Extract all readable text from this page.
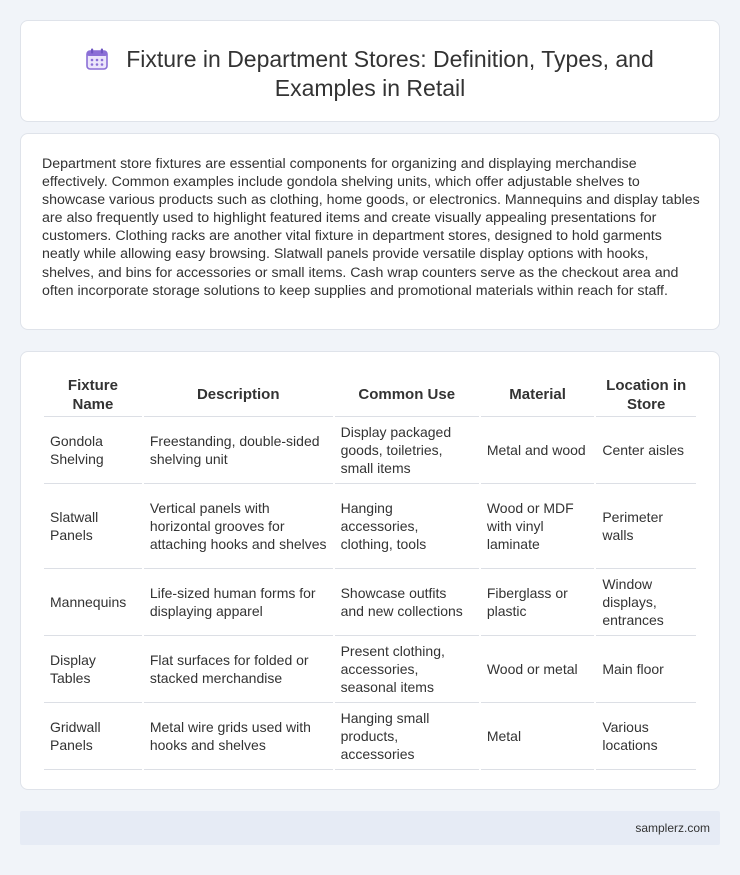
Fixture in Department Stores: Definition, Types, and Examples in Retail

Department store fixtures are essential components for organizing and displaying merchandise effectively. Common examples include gondola shelving units, which offer adjustable shelves to showcase various products such as clothing, home goods, or electronics. Mannequins and display tables are also frequently used to highlight featured items and create visually appealing presentations for customers. Clothing racks are another vital fixture in department stores, designed to hold garments neatly while allowing easy browsing. Slatwall panels provide versatile display options with hooks, shelves, and bins for accessories or small items. Cash wrap counters serve as the checkout area and often incorporate storage solutions to keep supplies and promotional materials within reach for staff.

Fixture Name	Description	Common Use	Material	Location in Store
Gondola Shelving	Freestanding, double-sided shelving unit	Display packaged goods, toiletries, small items	Metal and wood	Center aisles
Slatwall Panels	Vertical panels with horizontal grooves for attaching hooks and shelves	Hanging accessories, clothing, tools	Wood or MDF with vinyl laminate	Perimeter walls
Mannequins	Life-sized human forms for displaying apparel	Showcase outfits and new collections	Fiberglass or plastic	Window displays, entrances
Display Tables	Flat surfaces for folded or stacked merchandise	Present clothing, accessories, seasonal items	Wood or metal	Main floor
Gridwall Panels	Metal wire grids used with hooks and shelves	Hanging small products, accessories	Metal	Various locations
samplerz.com
